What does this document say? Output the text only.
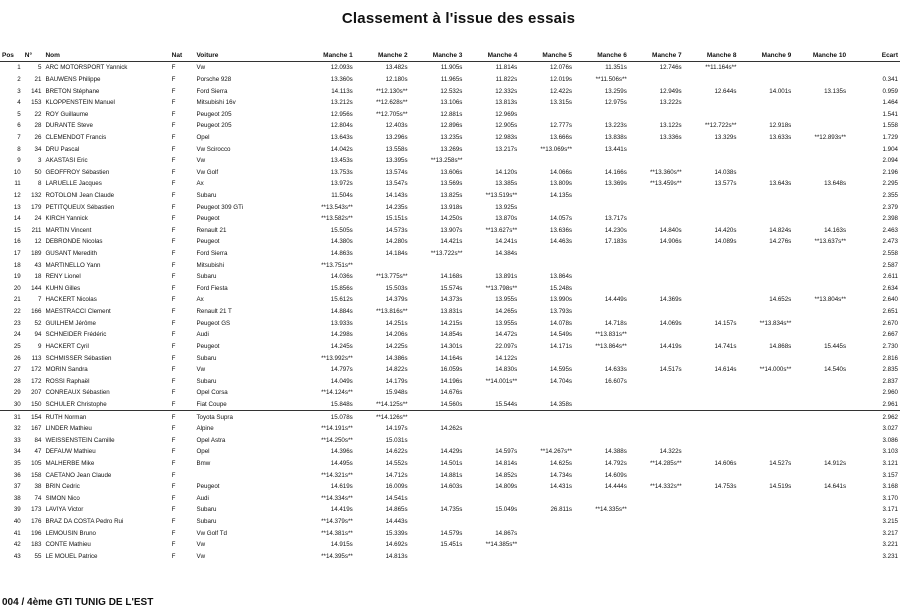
Classement à l'issue des essais
Pos	N°	Nom	Nat	Voiture	Manche 1	Manche 2	Manche 3	Manche 4	Manche 5	Manche 6	Manche 7	Manche 8	Manche 9	Manche 10	Ecart
1	5	ARC MOTORSPORT Yannick	F	Vw	12.093s	13.482s	11.905s	11.814s	12.076s	11.351s	12.746s	**11.164s**			
2	21	BAUWENS Philippe	F	Porsche 928	13.360s	12.180s	11.965s	11.822s	12.019s	**11.506s**					0.341
3	141	BRETON Stéphane	F	Ford Sierra	14.113s	**12.130s**	12.532s	12.332s	12.422s	13.259s	12.949s	12.644s	14.001s	13.135s	0.959
4	153	KLOPPENSTEIN Manuel	F	Mitsubishi 16v	13.212s	**12.628s**	13.106s	13.813s	13.315s	12.975s	13.222s				1.464
5	22	ROY Guillaume	F	Peugeot 205	12.956s	**12.705s**	12.881s	12.969s							1.541
6	28	DURANTE Steve	F	Peugeot 205	12.804s	12.403s	12.896s	12.905s	12.777s	13.223s	13.122s	**12.722s**	12.918s		1.558
7	26	CLEMENDOT Francis	F	Opel	13.643s	13.296s	13.235s	12.983s	13.666s	13.838s	13.336s	13.329s	13.633s	**12.893s**	1.729
8	34	DRU Pascal	F	Vw Scirocco	14.042s	13.558s	13.269s	13.217s	**13.069s**	13.441s					1.904
9	3	AKASTASI Eric	F	Vw	13.453s	13.395s	**13.258s**								2.094
10	50	GEOFFROY Sébastien	F	Vw Golf	13.753s	13.574s	13.606s	14.120s	14.066s	14.166s	**13.360s**	14.038s			2.196
11	8	LARUELLE Jacques	F	Ax	13.972s	13.547s	13.569s	13.385s	13.809s	13.369s	**13.459s**	13.577s	13.643s	13.648s	2.295
12	132	ROTOLONI Jean Claude	F	Subaru	11.504s	14.143s	13.825s	**13.519s**	14.135s						2.355
13	179	PETITQUEUX Sébastien	F	Peugeot 309 GTi	**13.543s**	14.235s	13.918s	13.925s							2.379
14	24	KIRCH Yannick	F	Peugeot	**13.582s**	15.151s	14.250s	13.870s	14.057s	13.717s					2.398
15	211	MARTIN Vincent	F	Renault 21	15.505s	14.573s	13.907s	**13.627s**	13.636s	14.230s	14.840s	14.420s	14.824s	14.163s	2.463
16	12	DEBRONDE Nicolas	F	Peugeot	14.380s	14.280s	14.421s	14.241s	14.463s	17.183s	14.906s	14.089s	14.276s	**13.637s**	2.473
17	189	GUSANT Meredith	F	Ford Sierra	14.863s	14.184s	**13.722s**	14.384s							2.558
18	43	MARTINELLO Yann	F	Mitsubishi	**13.751s**										2.587
19	18	RENY Lionel	F	Subaru	14.036s	**13.775s**	14.168s	13.891s	13.864s						2.611
20	144	KUHN Gilles	F	Ford Fiesta	15.856s	15.503s	15.574s	**13.798s**	15.248s						2.634
21	7	HACKERT Nicolas	F	Ax	15.612s	14.379s	14.373s	13.955s	13.990s	14.449s	14.369s		14.652s	**13.804s**	2.640
22	166	MAESTRACCI Clement	F	Renault 21 T	14.884s	**13.816s**	13.831s	14.265s	13.793s						2.651
23	52	GUILHEM Jérôme	F	Peugeot GS	13.933s	14.251s	14.215s	13.955s	14.078s	14.718s	14.069s	14.157s	**13.834s**		2.670
24	94	SCHNEIDER Frédéric	F	Audi	14.298s	14.206s	14.854s	14.472s	14.549s	**13.831s**					2.667
25	9	HACKERT Cyril	F	Peugeot	14.245s	14.225s	14.301s	22.097s	14.171s	**13.864s**	14.419s	14.741s	14.868s	15.445s	2.730
26	113	SCHMISSER Sébastien	F	Subaru	**13.992s**	14.386s	14.164s	14.122s							2.816
27	172	MORIN Sandra	F	Vw	14.797s	14.822s	16.059s	14.830s	14.595s	14.633s	14.517s	14.614s	**14.000s**	14.540s	2.835
28	172	ROSSI Raphaël	F	Subaru	14.049s	14.179s	14.196s	**14.001s**	14.704s	16.607s					2.837
29	207	CONREAUX Sébastien	F	Opel Corsa	**14.124s**	15.948s	14.676s								2.960
30	150	SCHULER Christophe	F	Fiat Coupe	15.848s	**14.125s**	14.560s	15.544s	14.358s						2.961
31	154	RUTH Norman	F	Toyota Supra	15.078s	**14.126s**									2.962
32	167	LINDER Mathieu	F	Alpine	**14.191s**	14.197s	14.262s								3.027
33	84	WEISSENSTEIN Camille	F	Opel Astra	**14.250s**	15.031s									3.086
34	47	DEFAUW Mathieu	F	Opel	14.396s	14.622s	14.429s	14.597s	**14.267s**	14.388s	14.322s				3.103
35	105	MALHERBE Mike	F	Bmw	14.495s	14.552s	14.501s	14.814s	14.625s	14.792s	**14.285s**	14.606s	14.527s	14.912s	3.121
36	158	CAETANO Jean Claude	F		**14.321s**	14.712s	14.881s	14.852s	14.734s	14.609s					3.157
37	38	BRIN Cedric	F	Peugeot	14.619s	16.009s	14.603s	14.809s	14.431s	14.444s	**14.332s**	14.753s	14.519s	14.641s	3.168
38	74	SIMON Nico	F	Audi	**14.334s**	14.541s									3.170
39	173	LAVIYA Victor	F	Subaru	14.419s	14.865s	14.735s	15.049s	26.811s	**14.335s**					3.171
40	176	BRAZ DA COSTA Pedro Rui	F	Subaru	**14.379s**	14.443s									3.215
41	196	LEMOUSIN Bruno	F	Vw Golf Td	**14.381s**	15.339s	14.579s	14.867s							3.217
42	183	CONTE Mathieu	F	Vw	14.915s	14.692s	15.451s	**14.385s**							3.221
43	55	LE MOUEL Patrice	F	Vw	**14.395s**	14.813s									3.231
004 / 4ème GTI TUNIG DE L'EST
